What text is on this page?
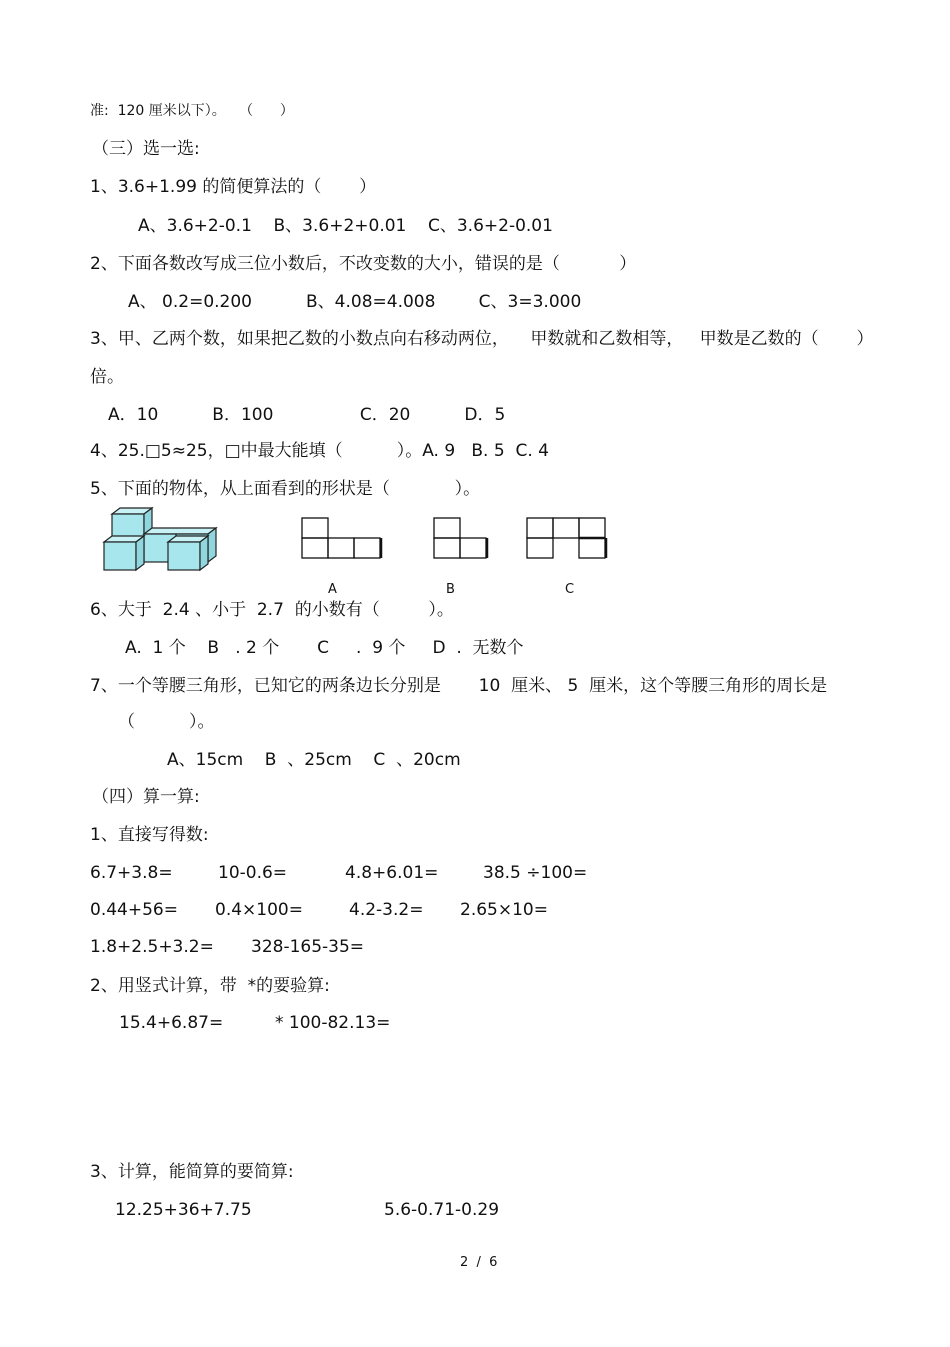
准:  120 厘米以下）。   （      ）
（三）选一选:
1、3.6+1.99 的简便算法的（       ）
A、3.6+2-0.1    B、3.6+2+0.01    C、3.6+2-0.01
2、下面各数改写成三位小数后，不改变数的大小，错误的是（           ）
A、 0.2=0.200          B、4.08=4.008        C、3=3.000
3、甲、乙两个数，如果把乙数的小数点向右移动两位，    甲数就和乙数相等，   甲数是乙数的（       ）
倍。
A．10          B．100                C．20          D．5
4、25.□5≈25，□中最大能填（          ）。A. 9   B. 5  C. 4
5、下面的物体，从上面看到的形状是（            ）。
A	B	C
6、大于  2.4 、小于  2.7  的小数有（         ）。
A.  1 个    B   . 2 个       C     .  9 个     D  .  无数个
7、一个等腰三角形，已知它的两条边长分别是       10  厘米、 5  厘米，这个等腰三角形的周长是
（          ）。
A、15cm    B  、25cm    C  、20cm
（四）算一算:
1、直接写得数:
6.7+3.8=	10-0.6=	4.8+6.01=	38.5 ÷100=
0.44+56= 0.4×100=	4.2-3.2= 2.65×10=
1.8+2.5+3.2= 328-165-35=
2、用竖式计算，带  *的要验算:
15.4+6.87=	* 100-82.13=
3、计算，能简算的要简算:
12.25+36+7.75	5.6-0.71-0.29
2  /  6
